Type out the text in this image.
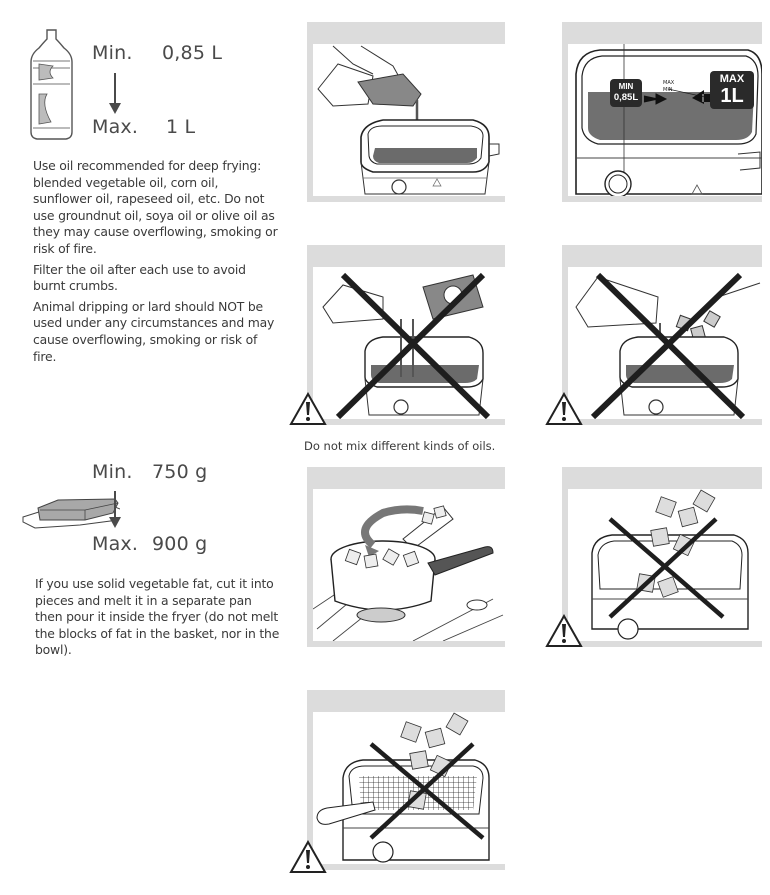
Min. 0,85 L
Max. 1 L

Use oil recommended for deep frying: blended vegetable oil, corn oil, sunflower oil, rapeseed oil, etc. Do not use groundnut oil, soya oil or olive oil as they may cause overflowing, smoking or risk of fire.

Filter the oil after each use to avoid burnt crumbs.

Animal dripping or lard should NOT be used under any circumstances and may cause overflowing, smoking or risk of fire.

Min. 750 g
Max. 900 g
If you use solid vegetable fat, cut it into pieces and melt it in a separate pan then pour it inside the fryer (do not melt the blocks of fat in the basket, nor in the bowl).
MIN
0,85L
MAX
1L
MAX
MIN
Do not mix different kinds of oils.
